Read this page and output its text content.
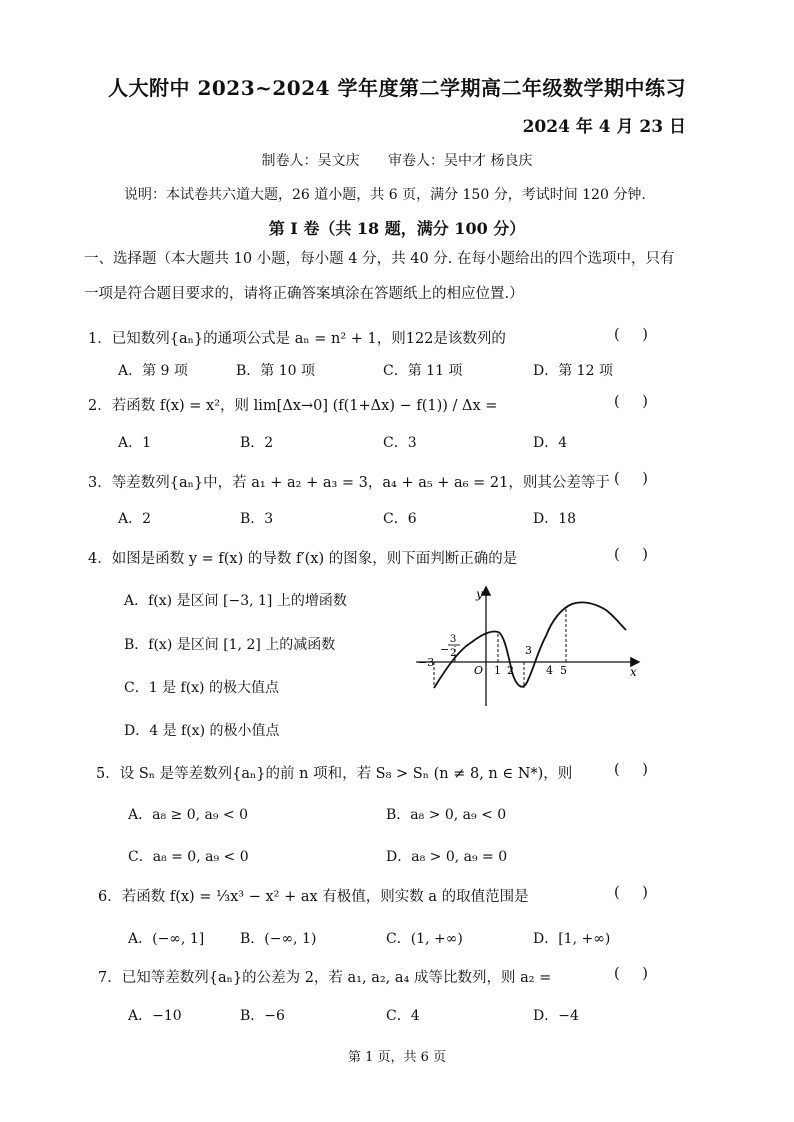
人大附中 2023~2024 学年度第二学期高二年级数学期中练习
2024 年 4 月 23 日
制卷人：吴文庆 审卷人：吴中才 杨良庆
说明：本试卷共六道大题，26 道小题，共 6 页，满分 150 分，考试时间 120 分钟.
第 I 卷（共 18 题，满分 100 分）
一、选择题（本大题共 10 小题，每小题 4 分，共 40 分. 在每小题给出的四个选项中，只有
一项是符合题目要求的，请将正确答案填涂在答题纸上的相应位置.）
1．已知数列{aₙ}的通项公式是 aₙ = n² + 1，则122是该数列的	( )
A．第 9 项	B．第 10 项	C．第 11 项	D．第 12 项
2．若函数 f(x) = x²，则 lim[Δx→0] (f(1+Δx) − f(1)) / Δx =	( )
A．1	B．2	C．3	D．4
3．等差数列{aₙ}中，若 a₁ + a₂ + a₃ = 3，a₄ + a₅ + a₆ = 21，则其公差等于 ( )
A．2	B．3	C．6	D．18
4．如图是函数 y = f(x) 的导数 f′(x) 的图象，则下面判断正确的是	( )
A．f(x) 是区间 [−3, 1] 上的增函数
B．f(x) 是区间 [1, 2] 上的减函数
C．1 是 f(x) 的极大值点
D．4 是 f(x) 的极小值点
y
x
O
−3
1 2
3
4 5
−
3
2
5．设 Sₙ 是等差数列{aₙ}的前 n 项和，若 S₈ > Sₙ (n ≠ 8, n ∈ N*)，则	( )
A．a₈ ≥ 0, a₉ < 0	B．a₈ > 0, a₉ < 0
C．a₈ = 0, a₉ < 0	D．a₈ > 0, a₉ = 0
6．若函数 f(x) = ⅓x³ − x² + ax 有极值，则实数 a 的取值范围是	( )
A．(−∞, 1]	B．(−∞, 1)	C．(1, +∞)	D．[1, +∞)
7．已知等差数列{aₙ}的公差为 2，若 a₁, a₂, a₄ 成等比数列，则 a₂ =	( )
A．−10	B．−6	C．4	D．−4
第 1 页，共 6 页
